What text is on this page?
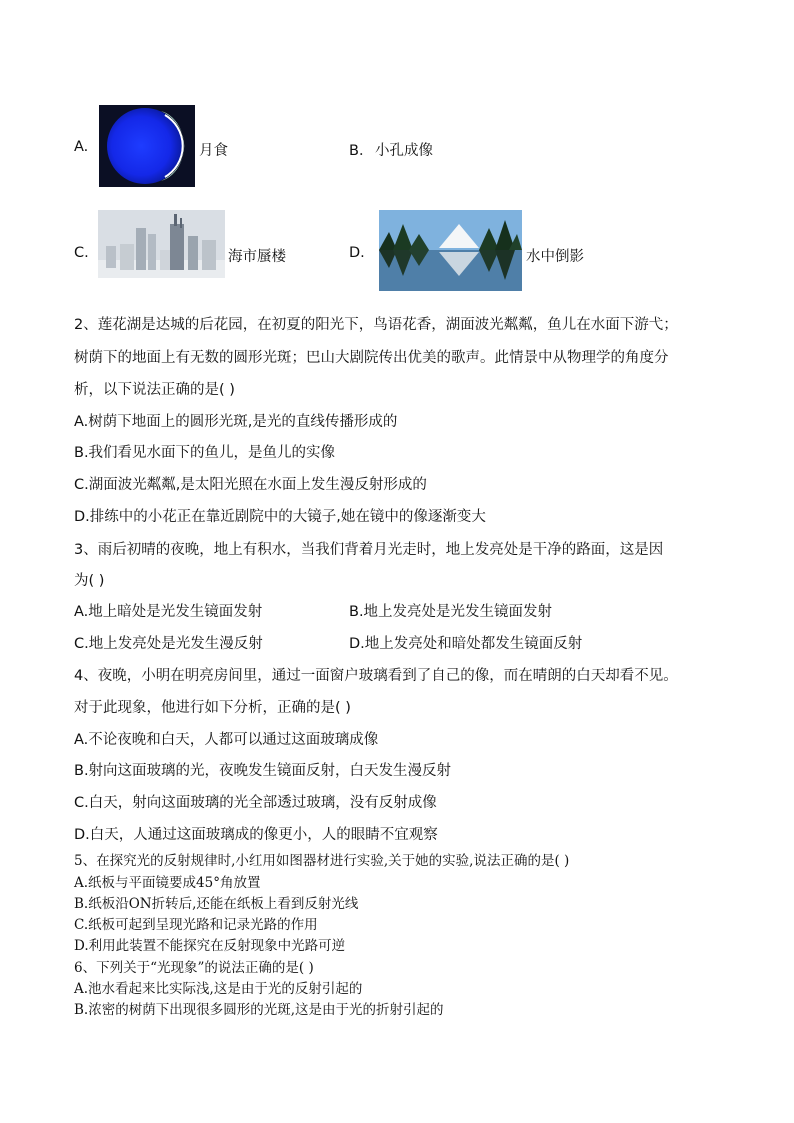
A.	月食	B． 小孔成像
C.	海市蜃楼	D.	水中倒影
2、莲花湖是达城的后花园，在初夏的阳光下，鸟语花香，湖面波光粼粼，鱼儿在水面下游弋；
树荫下的地面上有无数的圆形光斑；巴山大剧院传出优美的歌声。此情景中从物理学的角度分
析，以下说法正确的是( )
A.树荫下地面上的圆形光斑,是光的直线传播形成的
B.我们看见水面下的鱼儿，是鱼儿的实像
C.湖面波光粼粼,是太阳光照在水面上发生漫反射形成的
D.排练中的小花正在靠近剧院中的大镜子,她在镜中的像逐渐变大
3、雨后初晴的夜晚，地上有积水，当我们背着月光走时，地上发亮处是干净的路面，这是因
为( )
A.地上暗处是光发生镜面发射	B.地上发亮处是光发生镜面发射
C.地上发亮处是光发生漫反射	D.地上发亮处和暗处都发生镜面反射
4、夜晚，小明在明亮房间里，通过一面窗户玻璃看到了自己的像，而在晴朗的白天却看不见。
对于此现象，他进行如下分析，正确的是( )
A.不论夜晚和白天，人都可以通过这面玻璃成像
B.射向这面玻璃的光，夜晚发生镜面反射，白天发生漫反射
C.白天，射向这面玻璃的光全部透过玻璃，没有反射成像
D.白天，人通过这面玻璃成的像更小，人的眼睛不宜观察
5、在探究光的反射规律时,小红用如图器材进行实验,关于她的实验,说法正确的是( )
A.纸板与平面镜要成45°角放置
B.纸板沿ON折转后,还能在纸板上看到反射光线
C.纸板可起到呈现光路和记录光路的作用
D.利用此装置不能探究在反射现象中光路可逆
6、下列关于“光现象”的说法正确的是( )
A.池水看起来比实际浅,这是由于光的反射引起的
B.浓密的树荫下出现很多圆形的光斑,这是由于光的折射引起的
